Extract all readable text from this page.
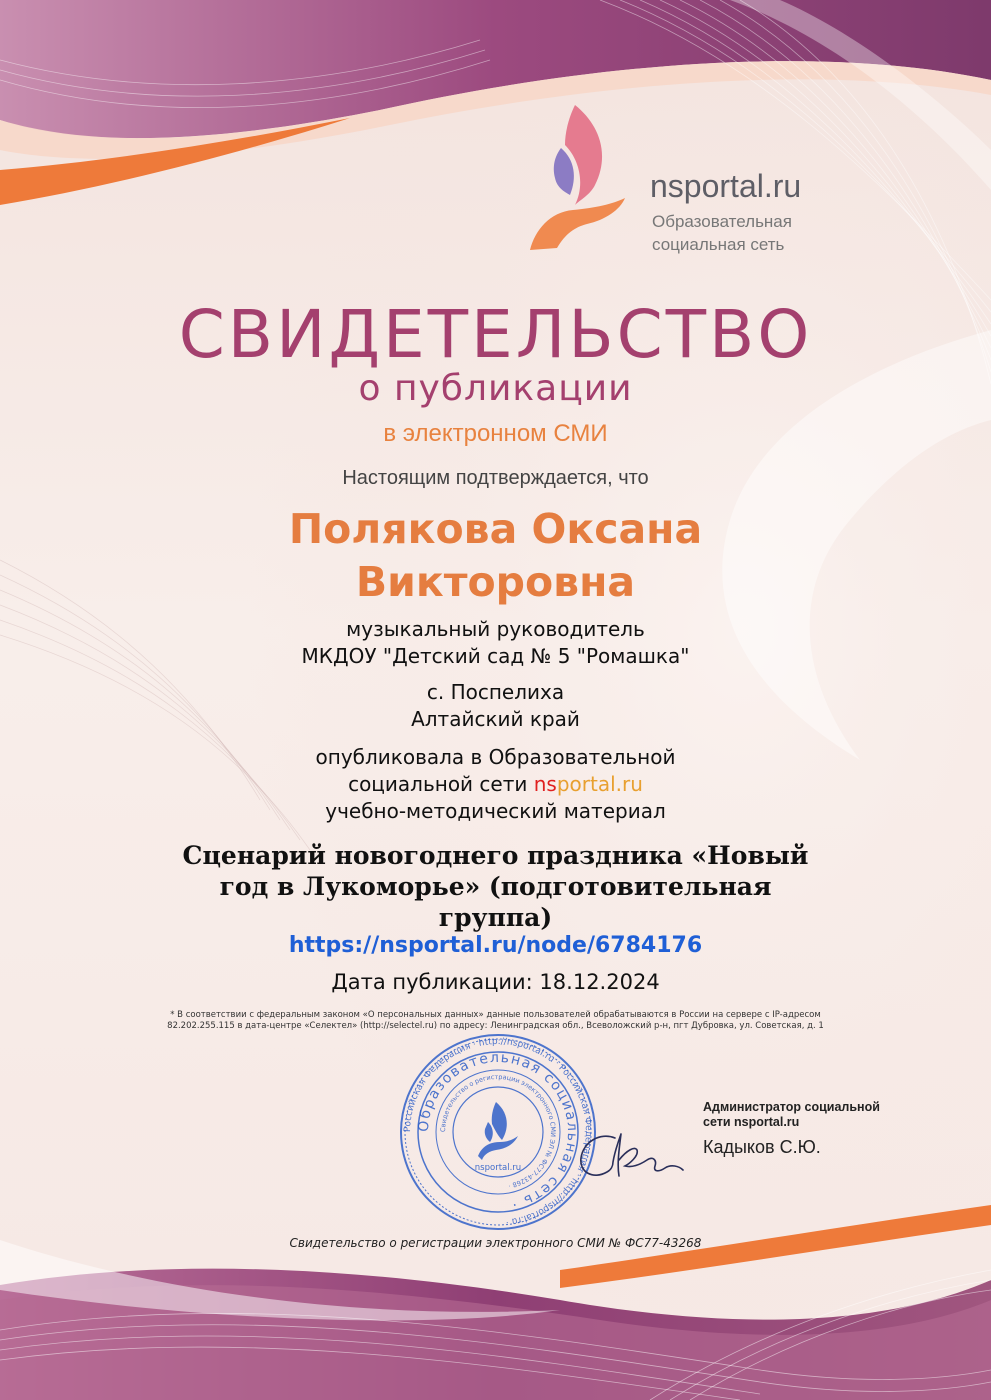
nsportal.ru
Образовательная
социальная сеть
СВИДЕТЕЛЬСТВО
о публикации
в электронном СМИ
Настоящим подтверждается, что
Полякова Оксана
Викторовна
музыкальный руководитель
МКДОУ "Детский сад № 5 "Ромашка"
с. Поспелиха
Алтайский край
опубликовала в Образовательной
социальной сети nsportal.ru
учебно-методический материал
Сценарий новогоднего праздника «Новый
год в Лукоморье» (подготовительная
группа)
https://nsportal.ru/node/6784176
Дата публикации: 18.12.2024
* В соответствии с федеральным законом «О персональных данных» данные пользователей обрабатываются в России на сервере с IP-адресом
82.202.255.115 в дата-центре «Селектел» (http://selectel.ru) по адресу: Ленинградская обл., Всеволожский р-н, пгт Дубровка, ул. Советская, д. 1
Российская Федерация · http://nsportal.ru · Российская Федерация · http://nsportal.ru ·
Образовательная социальная сеть ·
Свидетельство о регистрации электронного СМИ ЭЛ № ФС77-43268 ·
nsportal.ru
Администратор социальной
сети nsportal.ru
Кадыков С.Ю.
Свидетельство о регистрации электронного СМИ № ФС77-43268
